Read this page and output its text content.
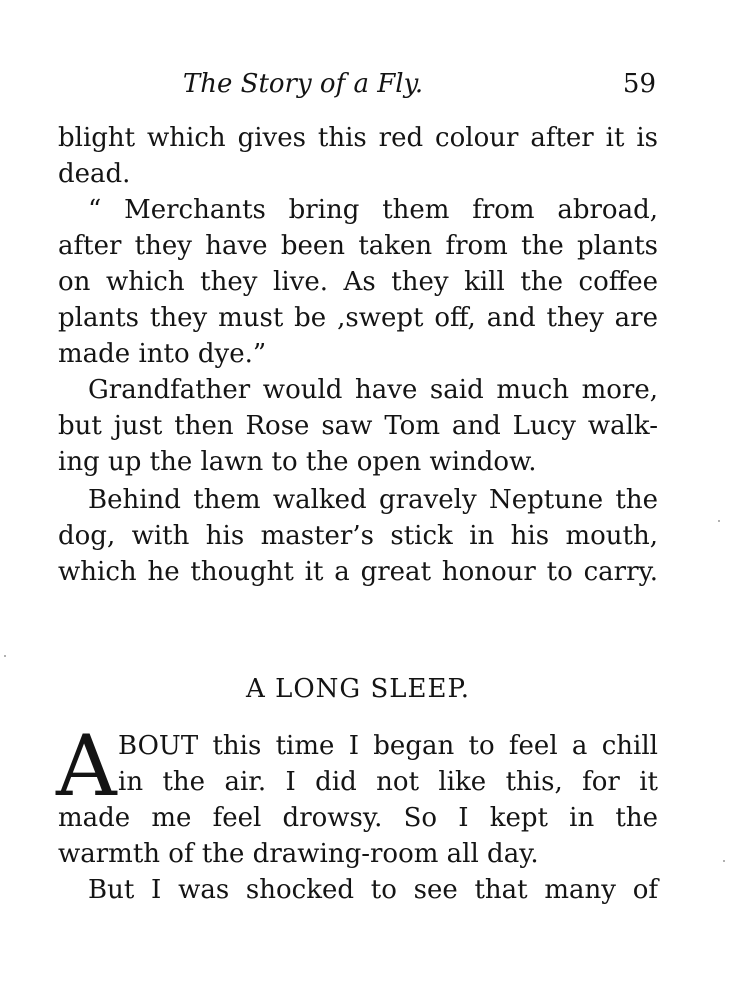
The Story of a Fly.	59
blight which gives this red colour after it is
dead.
“ Merchants bring them from abroad,
after they have been taken from the plants
on which they live. As they kill the coffee
plants they must be ,swept off, and they are
made into dye.”
Grandfather would have said much more,
but just then Rose saw Tom and Lucy walk-
ing up the lawn to the open window.
Behind them walked gravely Neptune the
dog, with his master’s stick in his mouth,
which he thought it a great honour to carry.
A LONG SLEEP.
A BOUT this time I began to feel a chill
in the air. I did not like this, for it
made me feel drowsy. So I kept in the
warmth of the drawing-room all day.
But I was shocked to see that many of
